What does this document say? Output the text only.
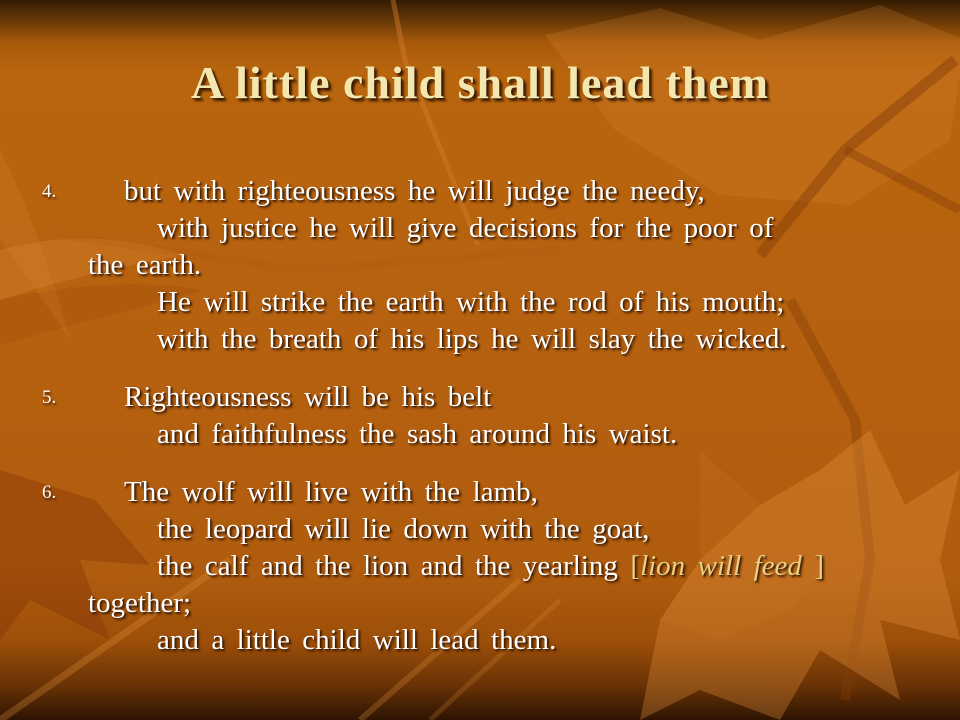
A little child shall lead them
4. but with righteousness he will judge the needy,
with justice he will give decisions for the poor of
the earth.
He will strike the earth with the rod of his mouth;
with the breath of his lips he will slay the wicked.
5. Righteousness will be his belt
and faithfulness the sash around his waist.
6. The wolf will live with the lamb,
the leopard will lie down with the goat,
the calf and the lion and the yearling [lion will feed ]
together;
and a little child will lead them.
